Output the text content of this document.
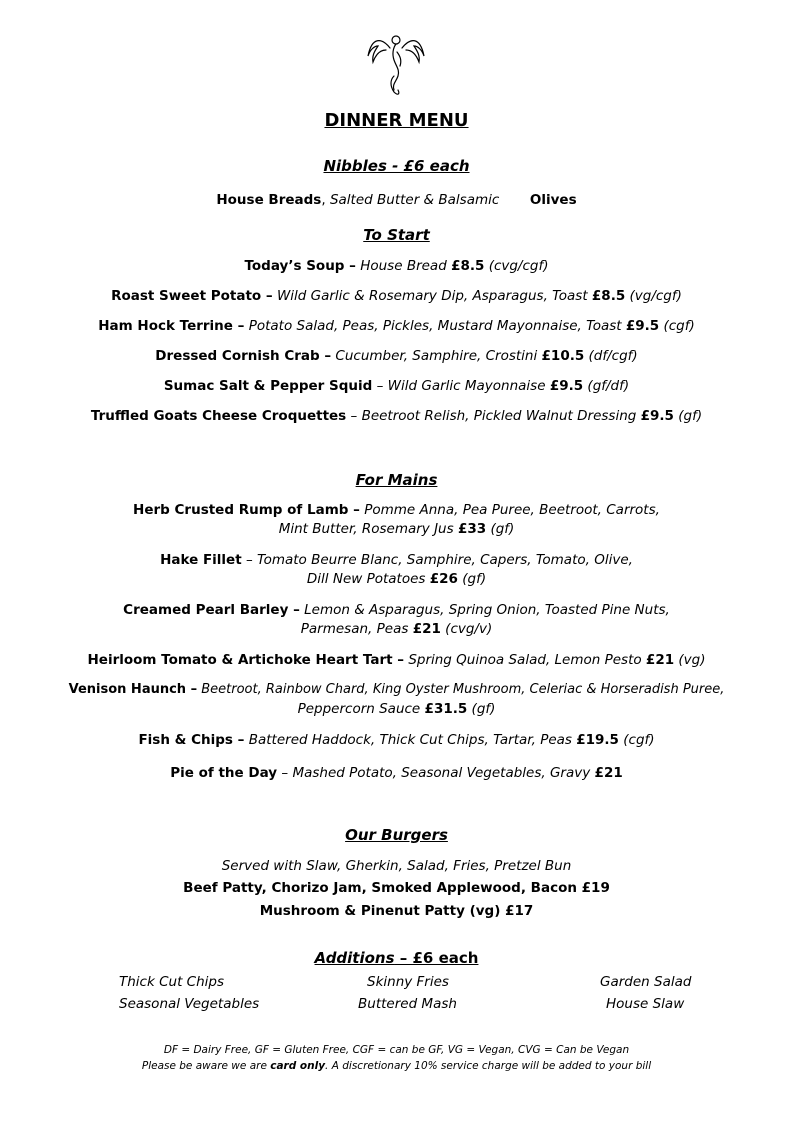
DINNER MENU
Nibbles - £6 each
House Breads, Salted Butter & Balsamic Olives
To Start
Today’s Soup – House Bread £8.5 (cvg/cgf)
Roast Sweet Potato – Wild Garlic & Rosemary Dip, Asparagus, Toast £8.5 (vg/cgf)
Ham Hock Terrine – Potato Salad, Peas, Pickles, Mustard Mayonnaise, Toast £9.5 (cgf)
Dressed Cornish Crab – Cucumber, Samphire, Crostini £10.5 (df/cgf)
Sumac Salt & Pepper Squid – Wild Garlic Mayonnaise £9.5 (gf/df)
Truffled Goats Cheese Croquettes – Beetroot Relish, Pickled Walnut Dressing £9.5 (gf)
For Mains
Herb Crusted Rump of Lamb – Pomme Anna, Pea Puree, Beetroot, Carrots,
Mint Butter, Rosemary Jus £33 (gf)
Hake Fillet – Tomato Beurre Blanc, Samphire, Capers, Tomato, Olive,
Dill New Potatoes £26 (gf)
Creamed Pearl Barley – Lemon & Asparagus, Spring Onion, Toasted Pine Nuts,
Parmesan, Peas £21 (cvg/v)
Heirloom Tomato & Artichoke Heart Tart – Spring Quinoa Salad, Lemon Pesto £21 (vg)
Venison Haunch – Beetroot, Rainbow Chard, King Oyster Mushroom, Celeriac & Horseradish Puree,
Peppercorn Sauce £31.5 (gf)
Fish & Chips – Battered Haddock, Thick Cut Chips, Tartar, Peas £19.5 (cgf)
Pie of the Day – Mashed Potato, Seasonal Vegetables, Gravy £21
Our Burgers
Served with Slaw, Gherkin, Salad, Fries, Pretzel Bun
Beef Patty, Chorizo Jam, Smoked Applewood, Bacon £19
Mushroom & Pinenut Patty (vg) £17
Additions – £6 each
Thick Cut Chips	Skinny Fries	Garden Salad
Seasonal Vegetables	Buttered Mash	House Slaw
DF = Dairy Free, GF = Gluten Free, CGF = can be GF, VG = Vegan, CVG = Can be Vegan
Please be aware we are card only. A discretionary 10% service charge will be added to your bill
